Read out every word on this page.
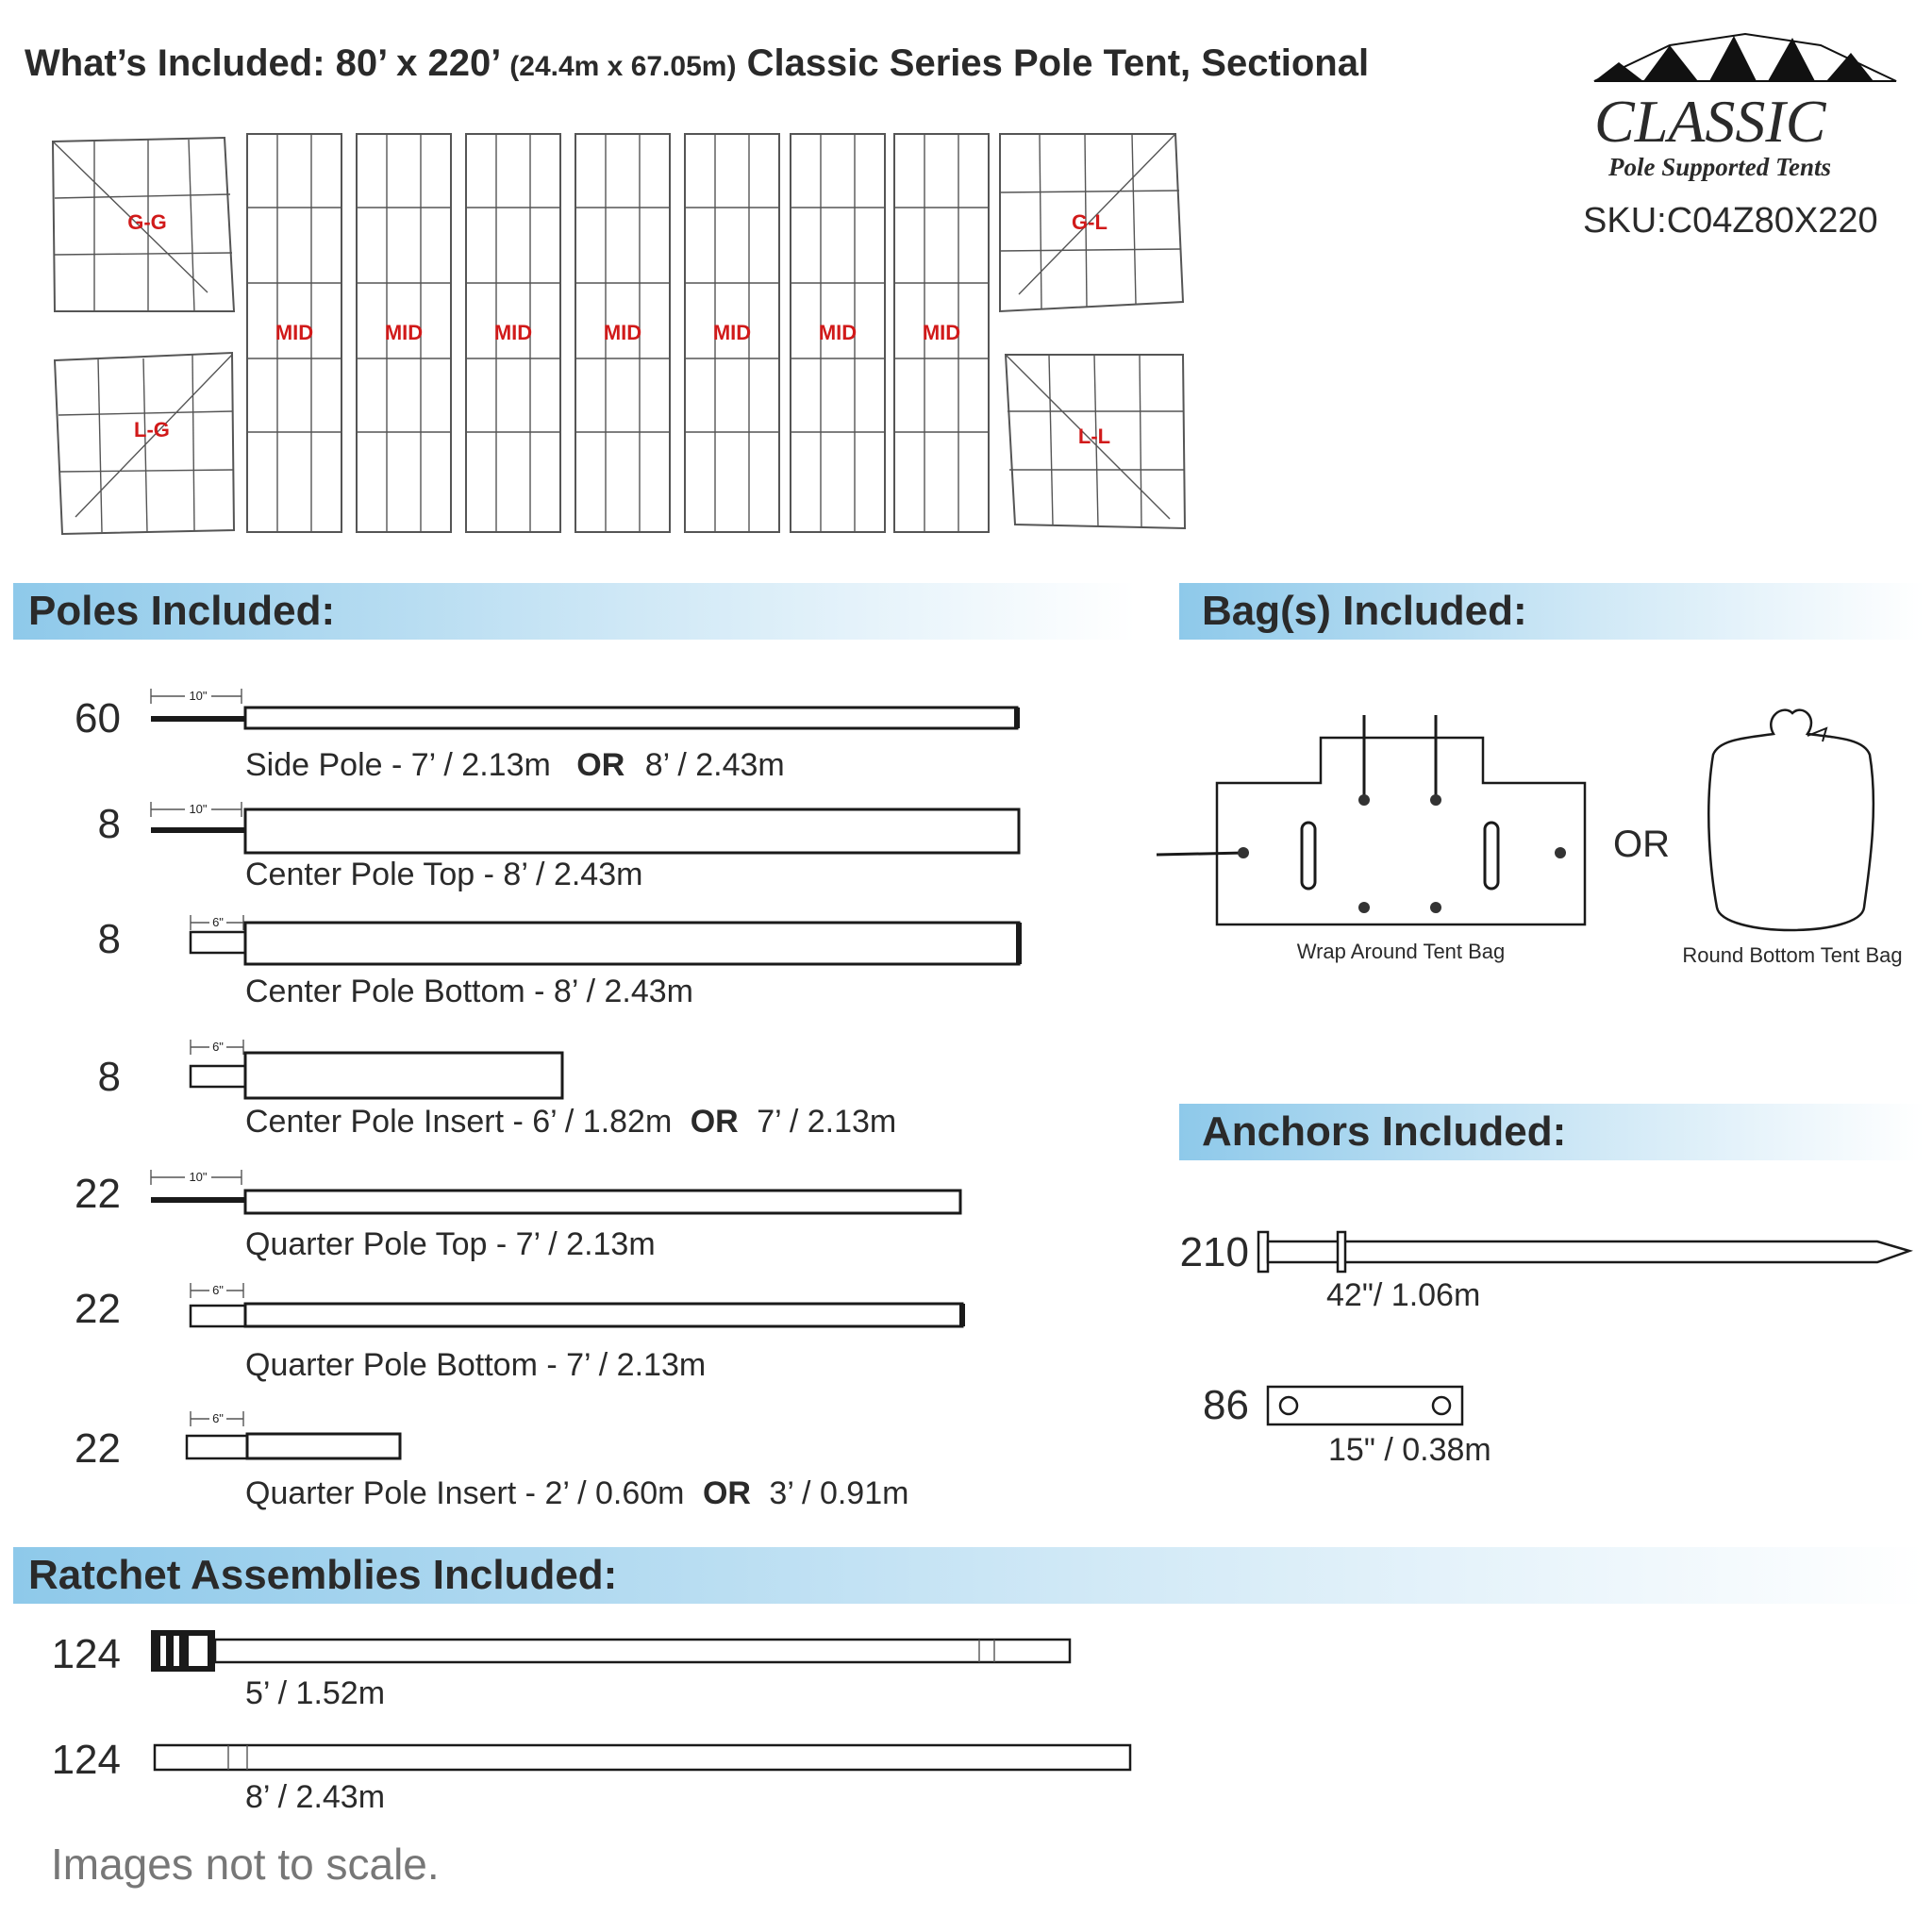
What’s Included: 80’ x 220’ (24.4m x 67.05m) Classic Series Pole Tent, Sectional
CLASSIC
Pole Supported Tents
SKU:C04Z80X220
G-G
L-G
MID	MID	MID	MID	MID	MID	MID
G-L
L-L
Poles Included:	Bag(s) Included:
Anchors Included:
Ratchet Assemblies Included:
60	10"
Side Pole - 7’ / 2.13m OR 8’ / 2.43m
8	10"
Center Pole Top - 8’ / 2.43m
8	6"
Center Pole Bottom - 8’ / 2.43m
8
6"
Center Pole Insert - 6’ / 1.82m OR 7’ / 2.13m
22	10"
Quarter Pole Top - 7’ / 2.13m
22	6"
Quarter Pole Bottom - 7’ / 2.13m
22
6"
Quarter Pole Insert - 2’ / 0.60m OR 3’ / 0.91m
Wrap Around Tent Bag
OR
Round Bottom Tent Bag
210
42"/ 1.06m
86
15" / 0.38m
124
5’ / 1.52m
124
8’ / 2.43m
Images not to scale.
